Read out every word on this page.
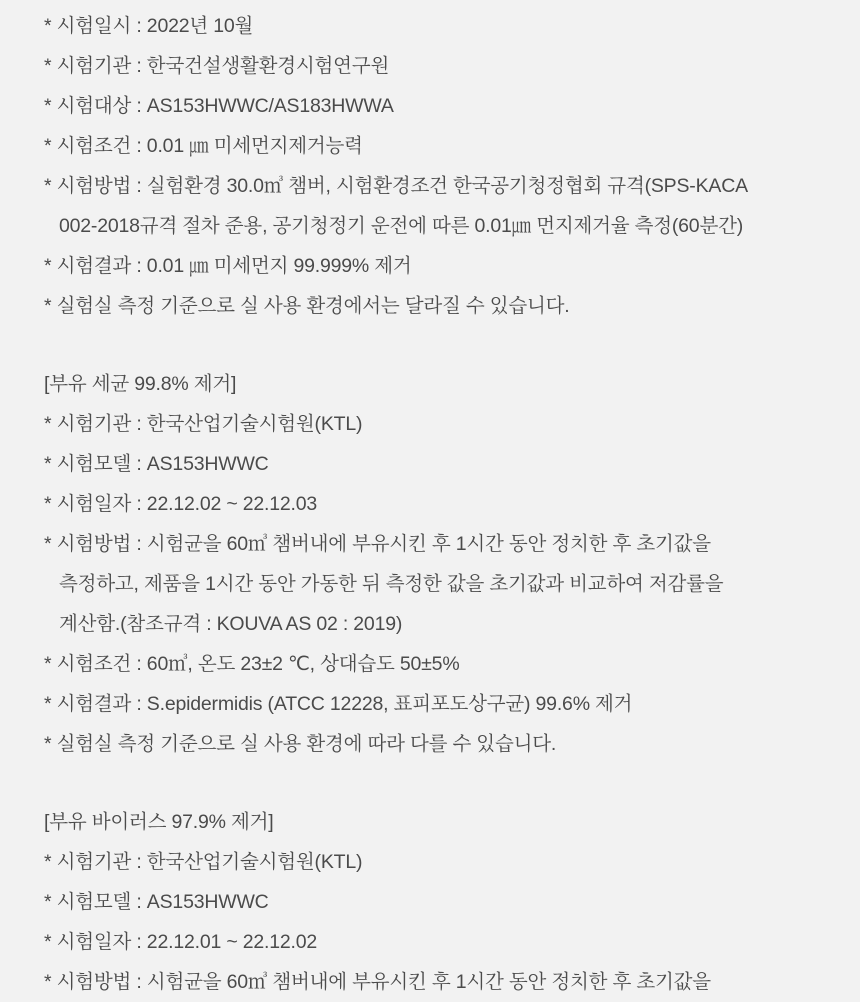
* 시험일시 : 2022년 10월
* 시험기관 : 한국건설생활환경시험연구원
* 시험대상 : AS153HWWC/AS183HWWA
* 시험조건 : 0.01 ㎛ 미세먼지제거능력
* 시험방법 : 실험환경 30.0㎥ 챔버, 시험환경조건 한국공기청정협회 규격(SPS-KACA
002-2018규격 절차 준용, 공기청정기 운전에 따른 0.01㎛ 먼지제거율 측정(60분간)
* 시험결과 : 0.01 ㎛ 미세먼지 99.999% 제거
* 실험실 측정 기준으로 실 사용 환경에서는 달라질 수 있습니다.
[부유 세균 99.8% 제거]
* 시험기관 : 한국산업기술시험원(KTL)
* 시험모델 : AS153HWWC
* 시험일자 : 22.12.02 ~ 22.12.03
* 시험방법 : 시험균을 60㎥ 챔버내에 부유시킨 후 1시간 동안 정치한 후 초기값을
측정하고, 제품을 1시간 동안 가동한 뒤 측정한 값을 초기값과 비교하여 저감률을
계산함.(참조규격 : KOUVA AS 02 : 2019)
* 시험조건 : 60㎥, 온도 23±2 ℃, 상대습도 50±5%
* 시험결과 : S.epidermidis (ATCC 12228, 표피포도상구균) 99.6% 제거
* 실험실 측정 기준으로 실 사용 환경에 따라 다를 수 있습니다.
[부유 바이러스 97.9% 제거]
* 시험기관 : 한국산업기술시험원(KTL)
* 시험모델 : AS153HWWC
* 시험일자 : 22.12.01 ~ 22.12.02
* 시험방법 : 시험균을 60㎥ 챔버내에 부유시킨 후 1시간 동안 정치한 후 초기값을
